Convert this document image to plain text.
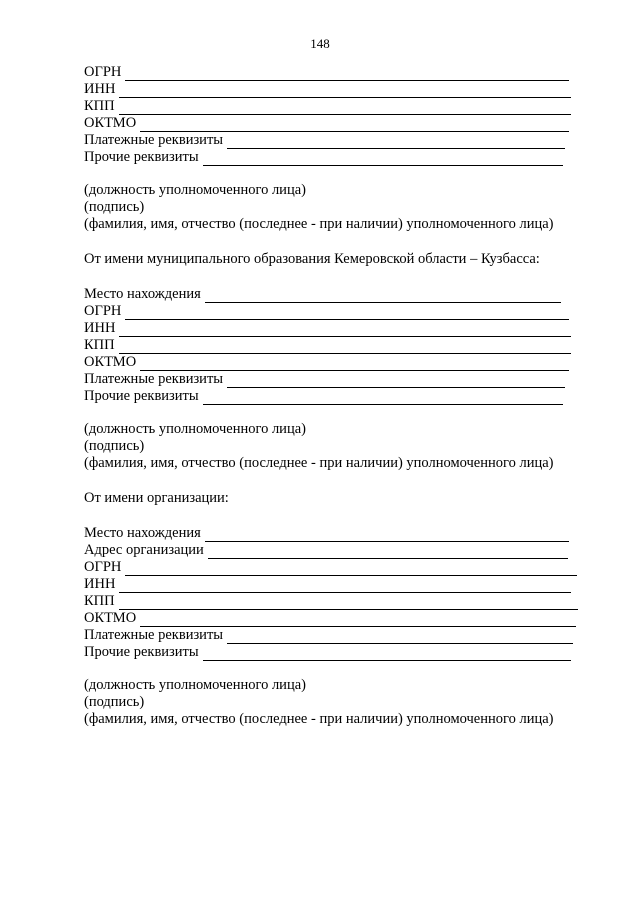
148
ОГРН
ИНН
КПП
ОКТМО
Платежные реквизиты
Прочие реквизиты
(должность уполномоченного лица)
(подпись)
(фамилия, имя, отчество (последнее - при наличии) уполномоченного лица)
От имени муниципального образования Кемеровской области – Кузбасса:
Место нахождения
ОГРН
ИНН
КПП
ОКТМО
Платежные реквизиты
Прочие реквизиты
(должность уполномоченного лица)
(подпись)
(фамилия, имя, отчество (последнее - при наличии) уполномоченного лица)
От имени организации:
Место нахождения
Адрес организации
ОГРН
ИНН
КПП
ОКТМО
Платежные реквизиты
Прочие реквизиты
(должность уполномоченного лица)
(подпись)
(фамилия, имя, отчество (последнее - при наличии) уполномоченного лица)
